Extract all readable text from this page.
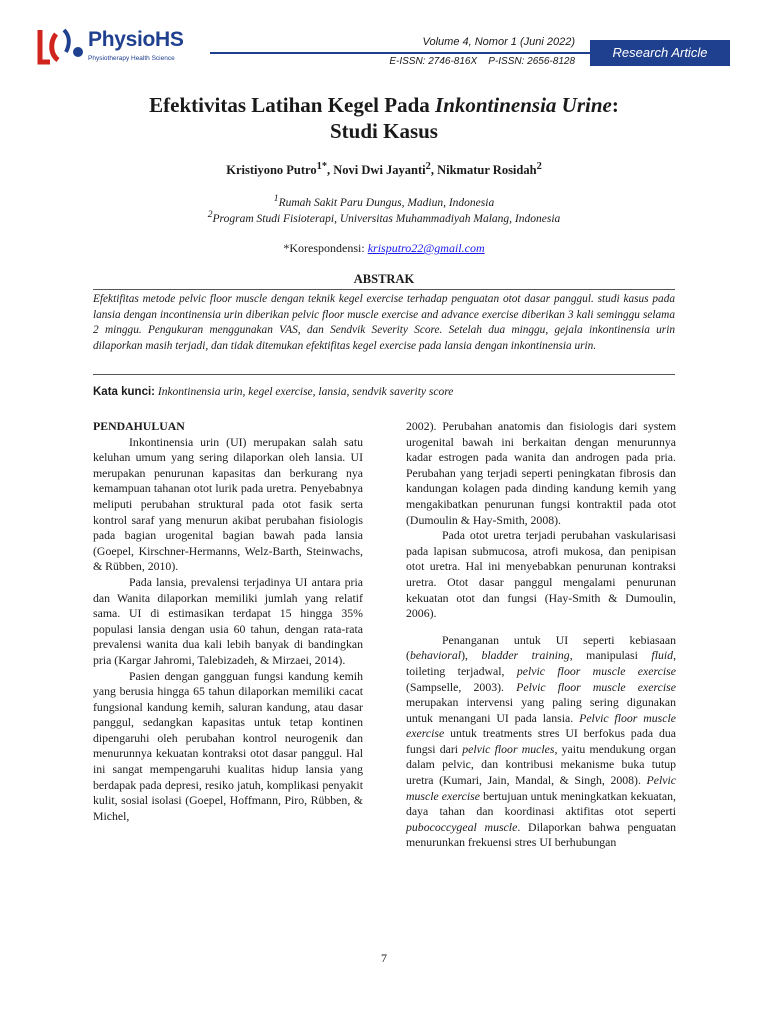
PhysioHS
Physiotherapy Health Science
Volume 4, Nomor 1 (Juni 2022)
E-ISSN: 2746-816X P-ISSN: 2656-8128
Research Article
Efektivitas Latihan Kegel Pada Inkontinensia Urine:
Studi Kasus
Kristiyono Putro$^{1*}$, Novi Dwi Jayanti$^2$, Nikmatur Rosidah$^2$
$^1$Rumah Sakit Paru Dungus, Madiun, Indonesia
$^2$Program Studi Fisioterapi, Universitas Muhammadiyah Malang, Indonesia
*Korespondensi: krisputro22@gmail.com
ABSTRAK
Efektifitas metode pelvic floor muscle dengan teknik kegel exercise terhadap penguatan otot dasar panggul. studi kasus pada lansia dengan incontinensia urin diberikan pelvic floor muscle exercise and advance exercise diberikan 3 kali seminggu selama 2 minggu. Pengukuran menggunakan VAS, dan Sendvik Severity Score. Setelah dua minggu, gejala inkontinensia urin dilaporkan masih terjadi, dan tidak ditemukan efektifitas kegel exercise pada lansia dengan inkontinensia urin.
Kata kunci: Inkontinensia urin, kegel exercise, lansia, sendvik saverity score

PENDAHULUAN

Inkontinensia urin (UI) merupakan salah satu keluhan umum yang sering dilaporkan oleh lansia. UI merupakan penurunan kapasitas dan berkurang nya kemampuan tahanan otot lurik pada uretra. Penyebabnya meliputi perubahan struktural pada otot fasik serta kontrol saraf yang menurun akibat perubahan fisiologis pada bagian urogenital bagian bawah pada lansia (Goepel, Kirschner-Hermanns, Welz-Barth, Steinwachs, & Rübben, 2010).

Pada lansia, prevalensi terjadinya UI antara pria dan Wanita dilaporkan memiliki jumlah yang relatif sama. UI di estimasikan terdapat 15 hingga 35% populasi lansia dengan usia 60 tahun, dengan rata-rata prevalensi wanita dua kali lebih banyak di bandingkan pria (Kargar Jahromi, Talebizadeh, & Mirzaei, 2014).

Pasien dengan gangguan fungsi kandung kemih yang berusia hingga 65 tahun dilaporkan memiliki cacat fungsional kandung kemih, saluran kandung, atau dasar panggul, sedangkan kapasitas untuk tetap kontinen dipengaruhi oleh perubahan kontrol neurogenik dan menurunnya kekuatan kontraksi otot dasar panggul. Hal ini sangat mempengaruhi kualitas hidup lansia yang berdapak pada depresi, resiko jatuh, komplikasi penyakit kulit, sosial isolasi (Goepel, Hoffmann, Piro, Rübben, & Michel,

2002). Perubahan anatomis dan fisiologis dari system urogenital bawah ini berkaitan dengan menurunnya kadar estrogen pada wanita dan androgen pada pria. Perubahan yang terjadi seperti peningkatan fibrosis dan kandungan kolagen pada dinding kandung kemih yang mengakibatkan penurunan fungsi kontraktil pada otot (Dumoulin & Hay-Smith, 2008).

Pada otot uretra terjadi perubahan vaskularisasi pada lapisan submucosa, atrofi mukosa, dan penipisan otot uretra. Hal ini menyebabkan penurunan kontraksi uretra. Otot dasar panggul mengalami penurunan kekuatan otot dan fungsi (Hay-Smith & Dumoulin, 2006).

Penanganan untuk UI seperti kebiasaan (behavioral), bladder training, manipulasi fluid, toileting terjadwal, pelvic floor muscle exercise (Sampselle, 2003). Pelvic floor muscle exercise merupakan intervensi yang paling sering digunakan untuk menangani UI pada lansia. Pelvic floor muscle exercise untuk treatments stres UI berfokus pada dua fungsi dari pelvic floor mucles, yaitu mendukung organ dalam pelvic, dan kontribusi mekanisme buka tutup uretra (Kumari, Jain, Mandal, & Singh, 2008). Pelvic muscle exercise bertujuan untuk meningkatkan kekuatan, daya tahan dan koordinasi aktifitas otot seperti pubococcygeal muscle. Dilaporkan bahwa penguatan menurunkan frekuensi stres UI berhubungan

7
